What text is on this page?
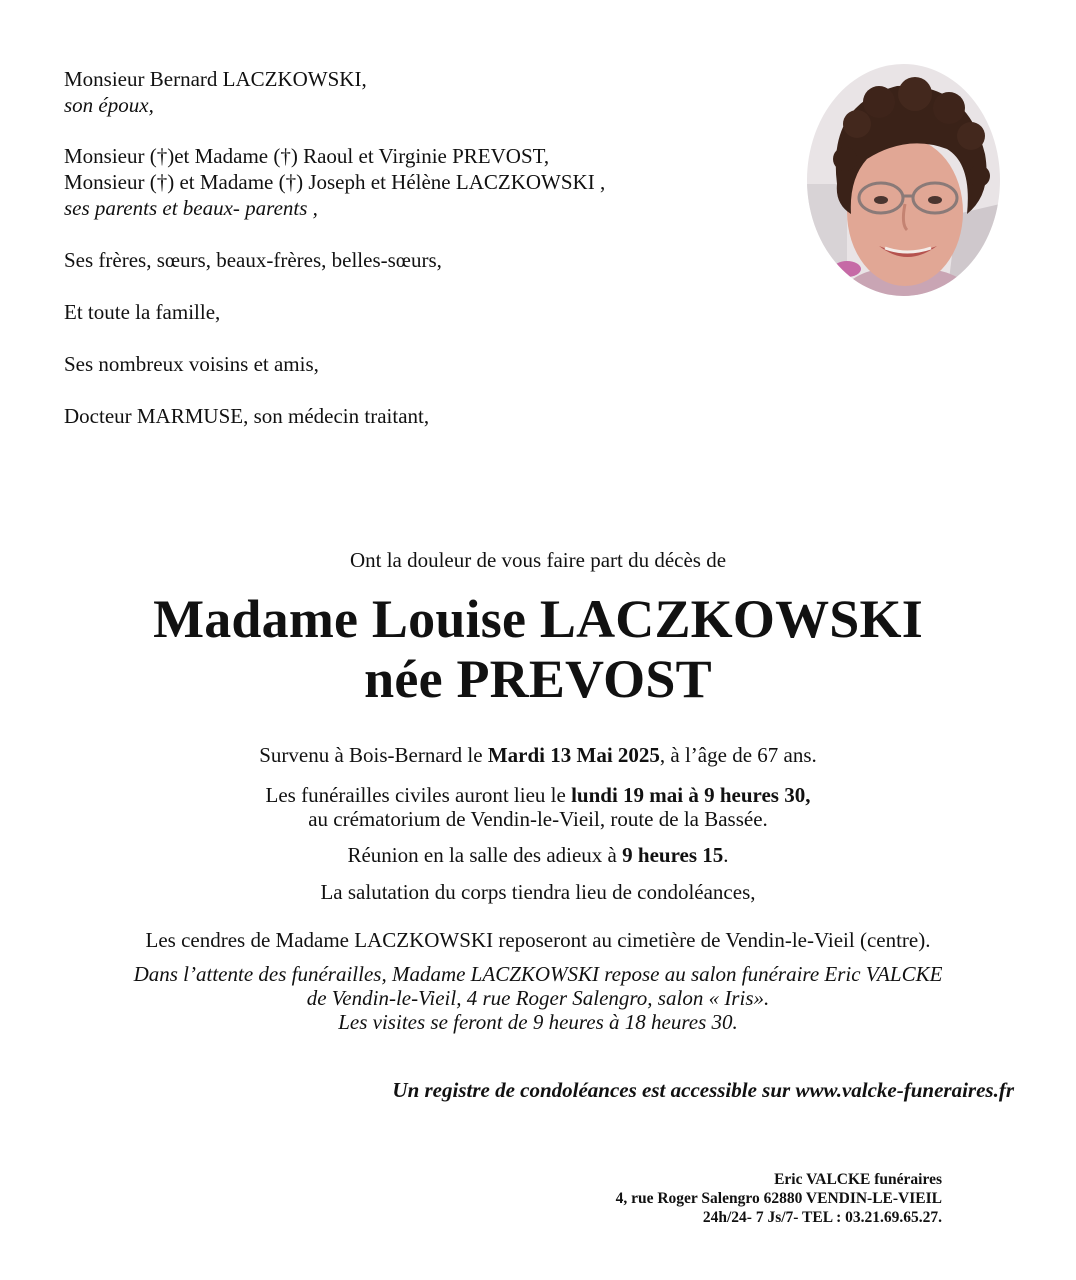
Monsieur Bernard LACZKOWSKI,
son époux,
Monsieur (†)et Madame (†) Raoul et Virginie PREVOST,
Monsieur (†) et Madame (†) Joseph et Hélène LACZKOWSKI ,
ses parents et beaux- parents ,
Ses frères, sœurs, beaux-frères, belles-sœurs,
Et toute la famille,
Ses nombreux voisins et amis,
Docteur MARMUSE, son médecin traitant,
Ont la douleur de vous faire part du décès de
Madame Louise LACZKOWSKI
née PREVOST
Survenu à Bois-Bernard le Mardi 13 Mai 2025, à l’âge de 67 ans.
Les funérailles civiles auront lieu le lundi 19 mai à 9 heures 30,
au crématorium de Vendin-le-Vieil, route de la Bassée.
Réunion en la salle des adieux à 9 heures 15.
La salutation du corps tiendra lieu de condoléances,
Les cendres de Madame LACZKOWSKI reposeront au cimetière de Vendin-le-Vieil (centre).
Dans l’attente des funérailles, Madame LACZKOWSKI repose au salon funéraire Eric VALCKE
de Vendin-le-Vieil, 4 rue Roger Salengro, salon « Iris».
Les visites se feront de 9 heures à 18 heures 30.
Un registre de condoléances est accessible sur www.valcke-funeraires.fr
Eric VALCKE funéraires
4, rue Roger Salengro 62880 VENDIN-LE-VIEIL
24h/24- 7 Js/7- TEL : 03.21.69.65.27.
